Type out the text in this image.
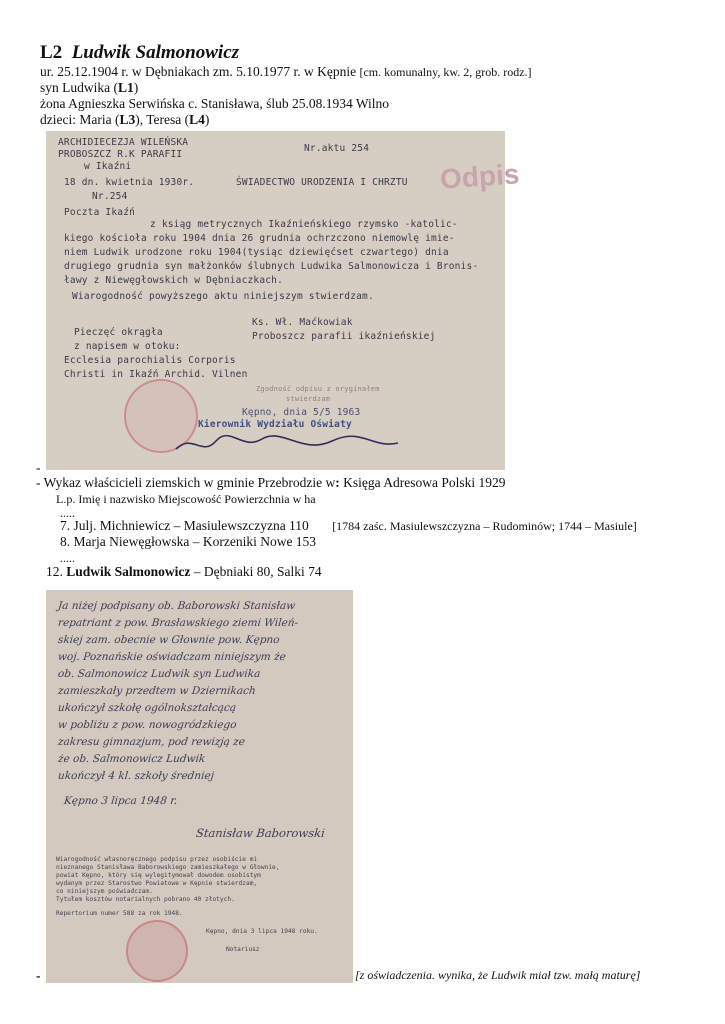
L2 Ludwik Salmonowicz
ur. 25.12.1904 r. w Dębniakach zm. 5.10.1977 r. w Kępnie [cm. komunalny, kw. 2, grob. rodz.]
syn Ludwika (L1)
żona Agnieszka Serwińska c. Stanisława, ślub 25.08.1934 Wilno
dzieci: Maria (L3), Teresa (L4)
ARCHIDIECEZJA WILEŃSKA
PROBOSZCZ R.K PARAFII
w Ikaźni
Nr.aktu 254
Odpis
18 dn. kwietnia 1930r.	ŚWIADECTWO URODZENIA I CHRZTU
Nr.254
Poczta Ikaźń
z ksiąg metrycznych Ikaźnieńskiego rzymsko -katolic-
kiego kościoła roku 1904 dnia 26 grudnia ochrzczono niemowlę imie-
niem Ludwik urodzone roku 1904(tysiąc dziewięćset czwartego) dnia
drugiego grudnia syn małżonków ślubnych Ludwika Salmonowicza i Bronis-
ławy z Niewęgłowskich w Dębniaczkach.
Wiarogodność powyższego aktu niniejszym stwierdzam.
Ks. Wł. Maćkowiak
Pieczęć okrągła	Proboszcz parafii ikaźnieńskiej
z napisem w otoku:
Ecclesia parochialis Corporis
Christi in Ikaźń Archid. Vilnen
Zgodność odpisu z oryginałem
stwierdzam
Kępno, dnia 5/5 1963
Kierownik Wydziału Oświaty
-
- Wykaz właścicieli ziemskich w gminie Przebrodzie w: Księga Adresowa Polski 1929
L.p. Imię i nazwisko Miejscowość Powierzchnia w ha
.....
7. Julj. Michniewicz – Masiulewszczyzna 110 [1784 zaśc. Masiulewszczyzna – Rudominów; 1744 – Masiule]
8. Marja Niewęgłowska – Korzeniki Nowe 153
.....
12. Ludwik Salmonowicz – Dębniaki 80, Salki 74
Ja niżej podpisany ob. Baborowski Stanisław
repatriant z pow. Brasławskiego ziemi Wileń-
skiej zam. obecnie w Głownie pow. Kępno
woj. Poznańskie oświadczam niniejszym że
ob. Salmonowicz Ludwik syn Ludwika
zamieszkały przedtem w Dziernikach
ukończył szkołę ogólnokształcącą
w pobliżu z pow. nowogródzkiego
zakresu gimnazjum, pod rewizją ze
że ob. Salmonowicz Ludwik
ukończył 4 kl. szkoły średniej
Kępno 3 lipca 1948 r.
Stanisław Baborowski
Wiarogodność własnoręcznego podpisu przez osobiście mi
nieznanego Stanisława Baborowskiego zamieszkałego w Głownie,
powiat Kępno, który się wylegitymował dowodem osobistym
wydanym przez Starostwo Powiatowe w Kępnie stwierdzam,
co niniejszym poświadczam.
Tytułem kosztów notarialnych pobrano 40 złotych.
Repertorium numer 588 za rok 1948.
Kępno, dnia 3 lipca 1948 roku.
Notariusz
-	[z oświadczenia. wynika, że Ludwik miał tzw. małą maturę]
